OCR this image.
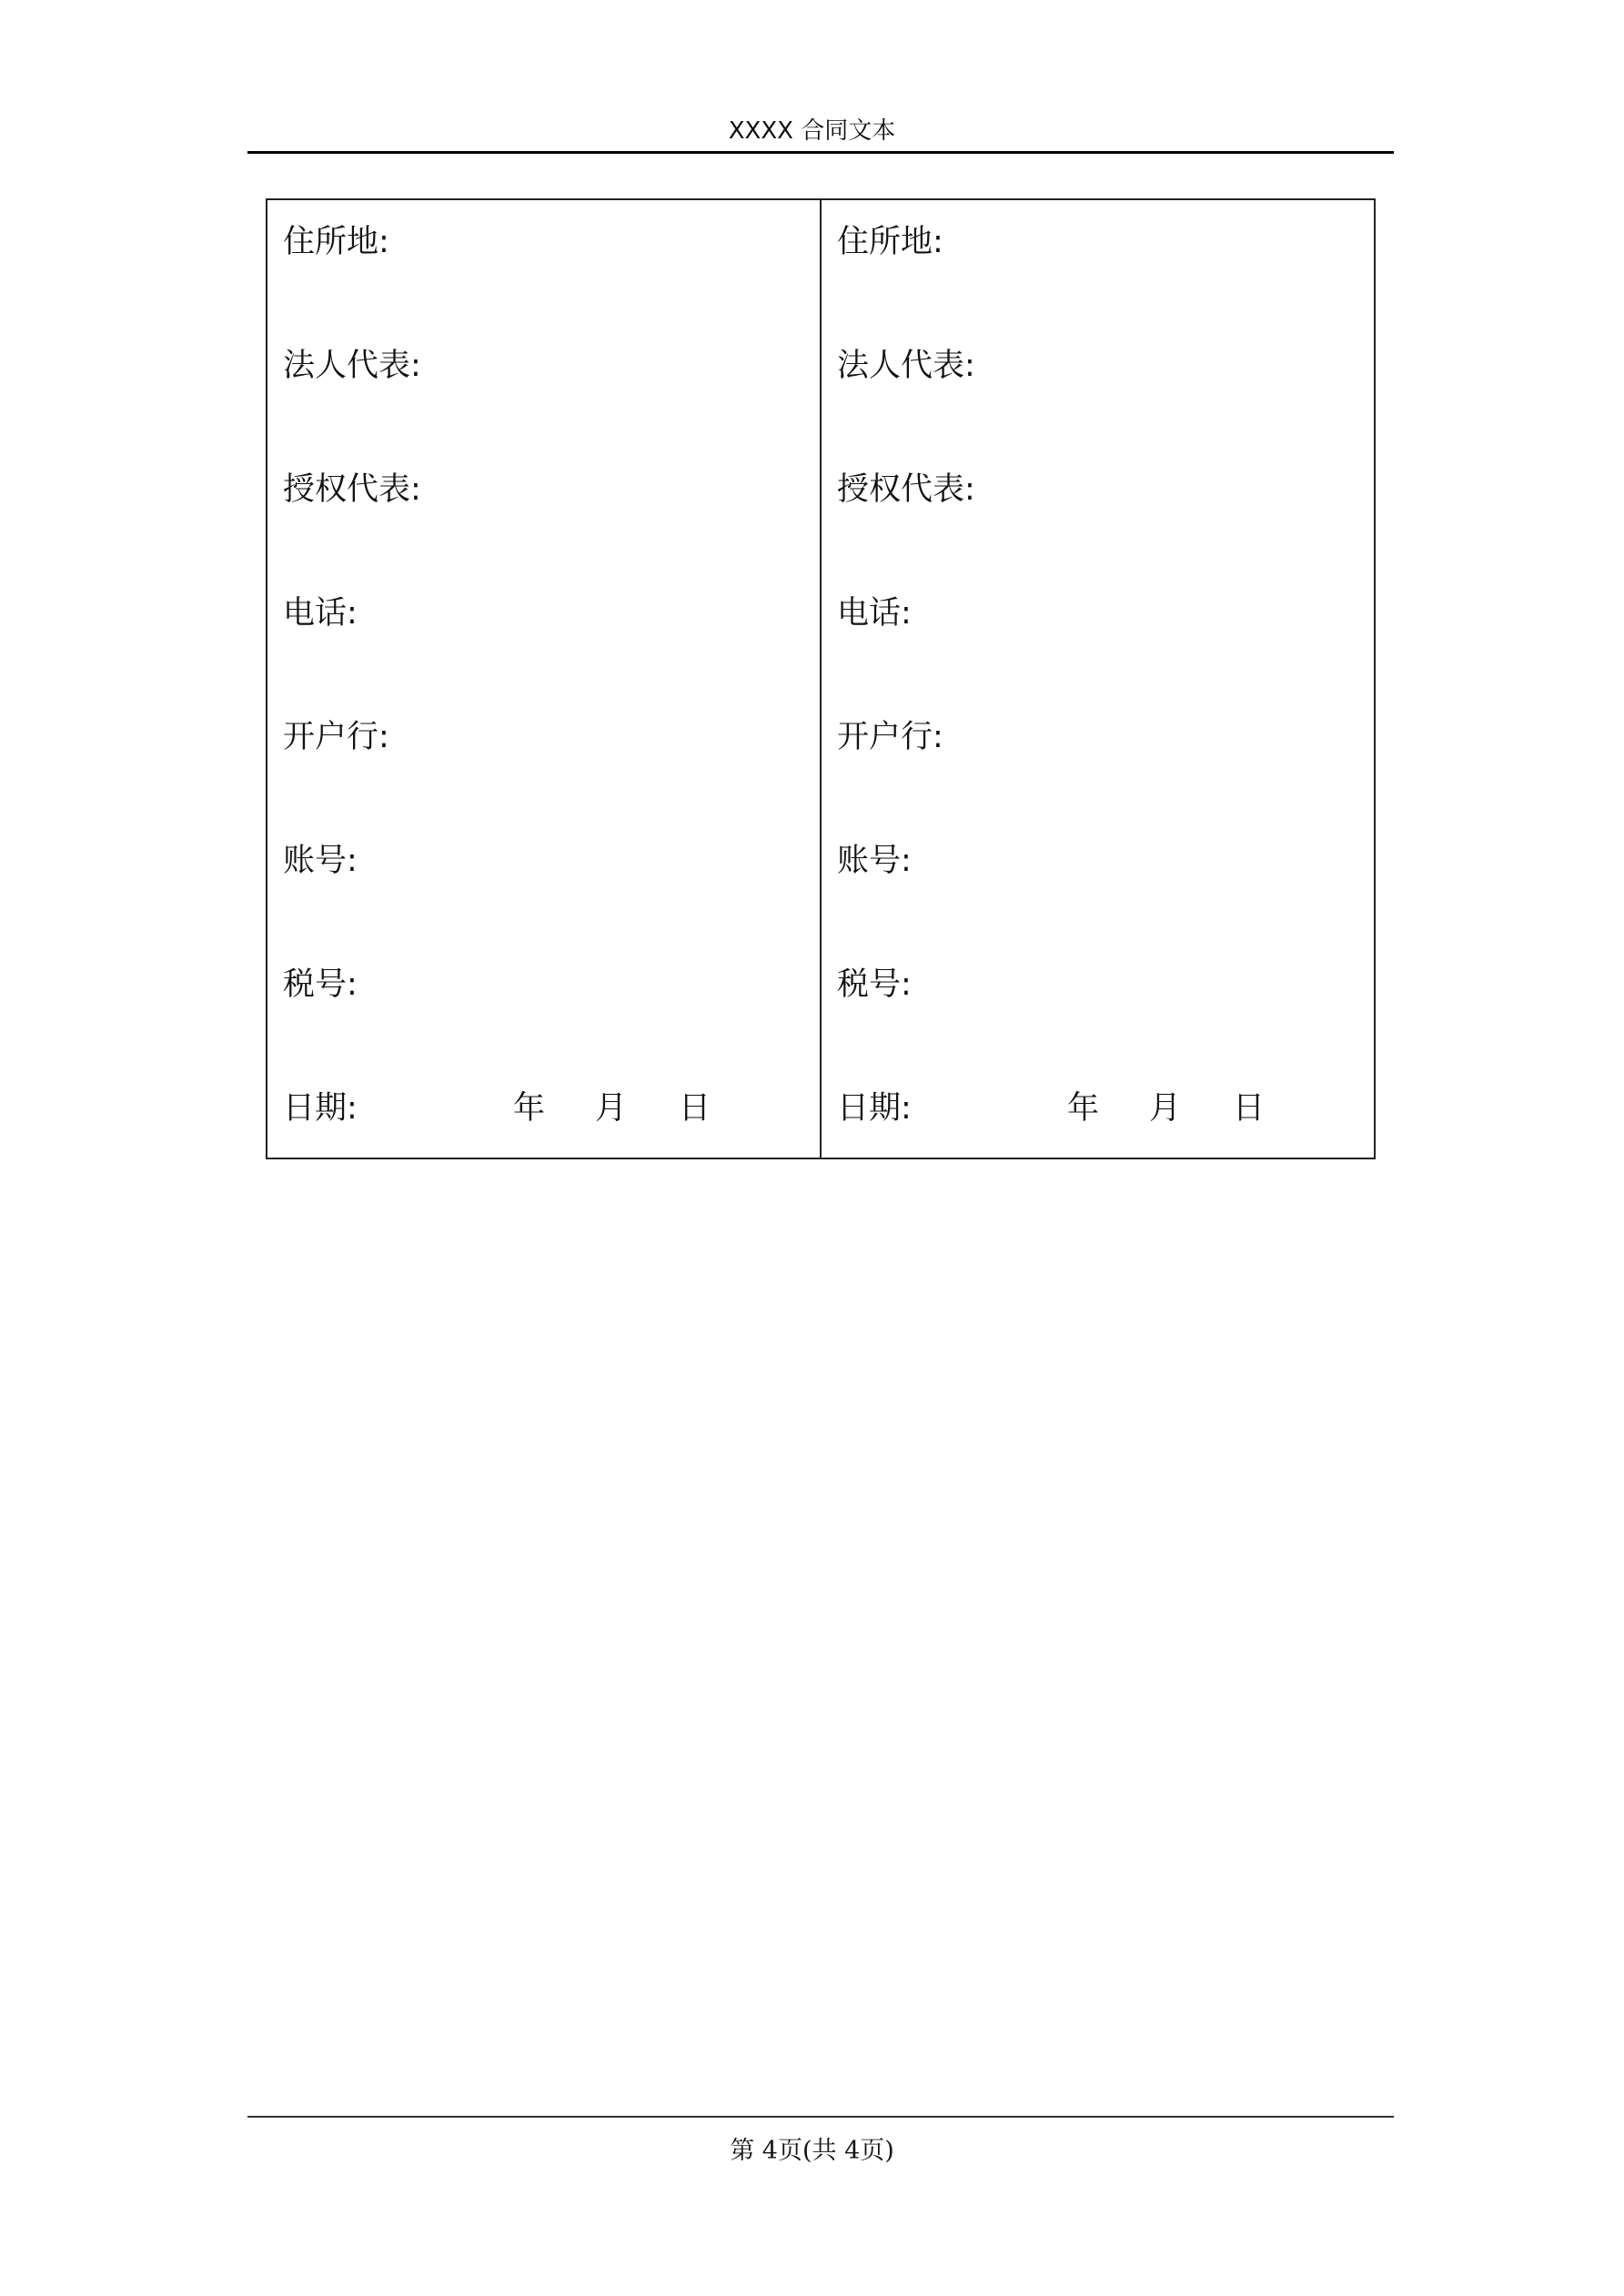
XXXX 合同文本
住所地:
法人代表:
授权代表:
电话:
开户行:
账号:
税号:
日期:	年 月 日
住所地:
法人代表:
授权代表:
电话:
开户行:
账号:
税号:
日期:	年 月 日
第 4页(共 4页)
